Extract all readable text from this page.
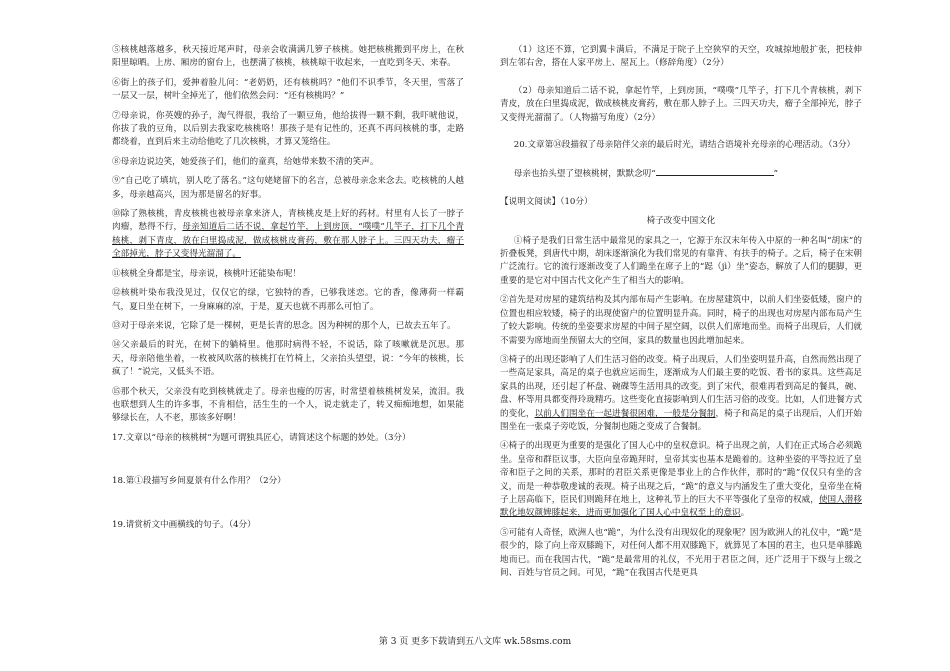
⑤核桃越落越多，秋天接近尾声时，母亲会收满满几箩子核桃。她把核桃搬到平房上，在秋阳里晾晒。上房、厢房的窗台上，也摆满了核桃，核桃晾干收起来，一直吃到冬天、来春。

⑥街上的孩子们，爱抻着脸儿问：“老奶奶，还有核桃吗？”他们不识季节，冬天里，雪落了一层又一层，树叶全掉光了，他们依然会问：“还有核桃吗？”

⑦母亲说，你英嫂的孙子，淘气得很，我给了一颗豆角，他给拔得一颗不剩，我吓唬他说，你拔了我的豆角，以后别去我家吃核桃咯！那孩子是有记性的，还真不再问核桃的事，走路都绕着，直到后来主动给他吃了几次核桃，才算又笼络住。

⑧母亲边说边笑，她爱孩子们，他们的童真，给她带来数不清的笑声。

⑨“自己吃了填坑，别人吃了落名。”这句姥姥留下的名言，总被母亲念来念去。吃核桃的人越多，母亲越高兴，因为那是留名的好事。

⑩除了熟核桃，青皮核桃也被母亲拿来济人，青核桃皮是上好的药材。村里有人长了一脖子肉瘤，愁得不行，母亲知道后二话不说，拿起竹竿，上到房顶，“噗噗”几竿子，打下几个青核桃，剥下青皮，放在臼里捣成泥，做成核桃皮膏药，敷在那人脖子上。三四天功夫，瘤子全部掉光，脖子又变得光溜溜了。

⑪核桃全身都是宝，母亲说，核桃叶还能染布呢！

⑫核桃叶染布我没见过，仅仅它的绿，它独特的香，已够我迷恋。它的香，像薄荷一样霸气，夏日坐在树下，一身麻麻的凉，于是，夏天也就不再那么可怕了。

⑬对于母亲来说，它除了是一棵树，更是长青的思念。因为种树的那个人，已故去五年了。

⑭父亲最后的时光，在树下的躺椅里。他那时病得不轻，不说话，除了咳嗽就是沉思。那天，母亲陪他坐着，一枚被风吹落的核桃打在竹椅上，父亲抬头望望，说：“今年的核桃，长疯了！”说完，又低头不语。

⑮那个秋天，父亲没有吃到核桃就走了。母亲也瘦的厉害，时常望着核桃树发呆，流泪。我也联想到人生的许多事，不肯相信，活生生的一个人，说走就走了，转又痴痴地想，如果能够绿长在，人不老，那该多好啊！

17.文章以“母亲的核桃树”为题可谓独具匠心，请简述这个标题的妙处。（3分）

18.第①段描写乡间夏景有什么作用？（2分）

19.请赏析文中画横线的句子。（4分）

（1）这还不算，它到翼卡满后，不满足于院子上空狭窄的天空，攻城掠地般扩张，把枝伸到左邻右舍，搭在人家平房上、屋瓦上。（修辞角度）（2分）

（2）母亲知道后二话不说，拿起竹竿，上到房顶，“噗噗”几竿子，打下几个青核桃，剥下青皮，放在臼里捣成泥，做成核桃皮膏药，敷在那人脖子上。三四天功夫，瘤子全部掉光，脖子又变得光溜溜了。（人物描写角度）（2分）

20.文章第⑭段描叙了母亲陪伴父亲的最后时光，请结合语境补充母亲的心理活动。（3分）

母亲也抬头望了望核桃树，默默念叨“	”

【说明文阅读】（10分）

椅子改变中国文化

①椅子是我们日常生活中最常见的家具之一，它源于东汉末年传入中原的一种名叫“胡床”的折叠板凳，到唐代中期，胡床逐渐演化为我们常见的有靠背、有扶手的椅子。之后，椅子在宋朝广泛流行。它的流行逐渐改变了人们跪坐在席子上的“跽（jì）坐”姿态，解放了人们的腿脚，更重要的是它对中国古代文化产生了相当大的影响。

②首先是对房屋的建筑结构及其内部布局产生影响。在房屋建筑中，以前人们坐姿低矮，窗户的位置也相应较矮，椅子的出现使窗户的位置明显升高。同时，椅子的出现也对房屋内部布局产生了较大影响。传统的坐姿要求房屋的中间子屋空阔，以供人们席地而坐。而椅子出现后，人们就不需要为席地而坐预留太大的空间，家具的数量也因此增加起来。

③椅子的出现还影响了人们生活习俗的改变。椅子出现后，人们坐姿明显升高，自然而然出现了一些高足家具，高足的桌子也就应运而生，逐渐成为人们最主要的吃饭、看书的家具。这些高足家具的出现，还引起了杯盘、碗碟等生活用具的改变。到了宋代，很难再看到高足的餐具，碗、盘、杯等用具都变得玲珑精巧。这些变化直接影响到人们生活习俗的改变。比如，人们进餐方式的变化，以前人们围坐在一起进餐很困难，一般是分餐制，椅子和高足的桌子出现后，人们开始围坐在一张桌子旁吃饭，分餐制也随之变成了合餐制。

④椅子的出现更为重要的是强化了国人心中的皇权意识。椅子出现之前，人们在正式场合必须跪坐。皇帝和群臣议事，大臣向皇帝跪拜时，皇帝其实也基本是跪着的。这种坐姿的平等拉近了皇帝和臣子之间的关系，那时的君臣关系更像是事业上的合作伙伴，那时的“跪”仅仅只有坐的含义，而是一种恭敬虔诚的表现。椅子出现之后，“跪”的意义与内涵发生了重大变化，皇帝坐在椅子上居高临下，臣民们则跪拜在地上，这种礼节上的巨大不平等强化了皇帝的权威，使国人潜移默化地奴颜婢膝起来，进而更加强化了国人心中皇权至上的意识。

⑤可能有人奇怪，欧洲人也“跪”，为什么没有出现奴化的现象呢？因为欧洲人的礼仪中，“跪”是很少的，除了向上帝双膝跪下，对任何人都不用双膝跪下，就算见了本国的君主，也只是单膝跪地而已。而在我国古代，“跪”是最常用的礼仪，不光用于君臣之间，还广泛用于下级与上级之间、百姓与官员之间。可见，“跪”在我国古代是更具

第 3 页 更多下载请到五八文库 wk.58sms.com
